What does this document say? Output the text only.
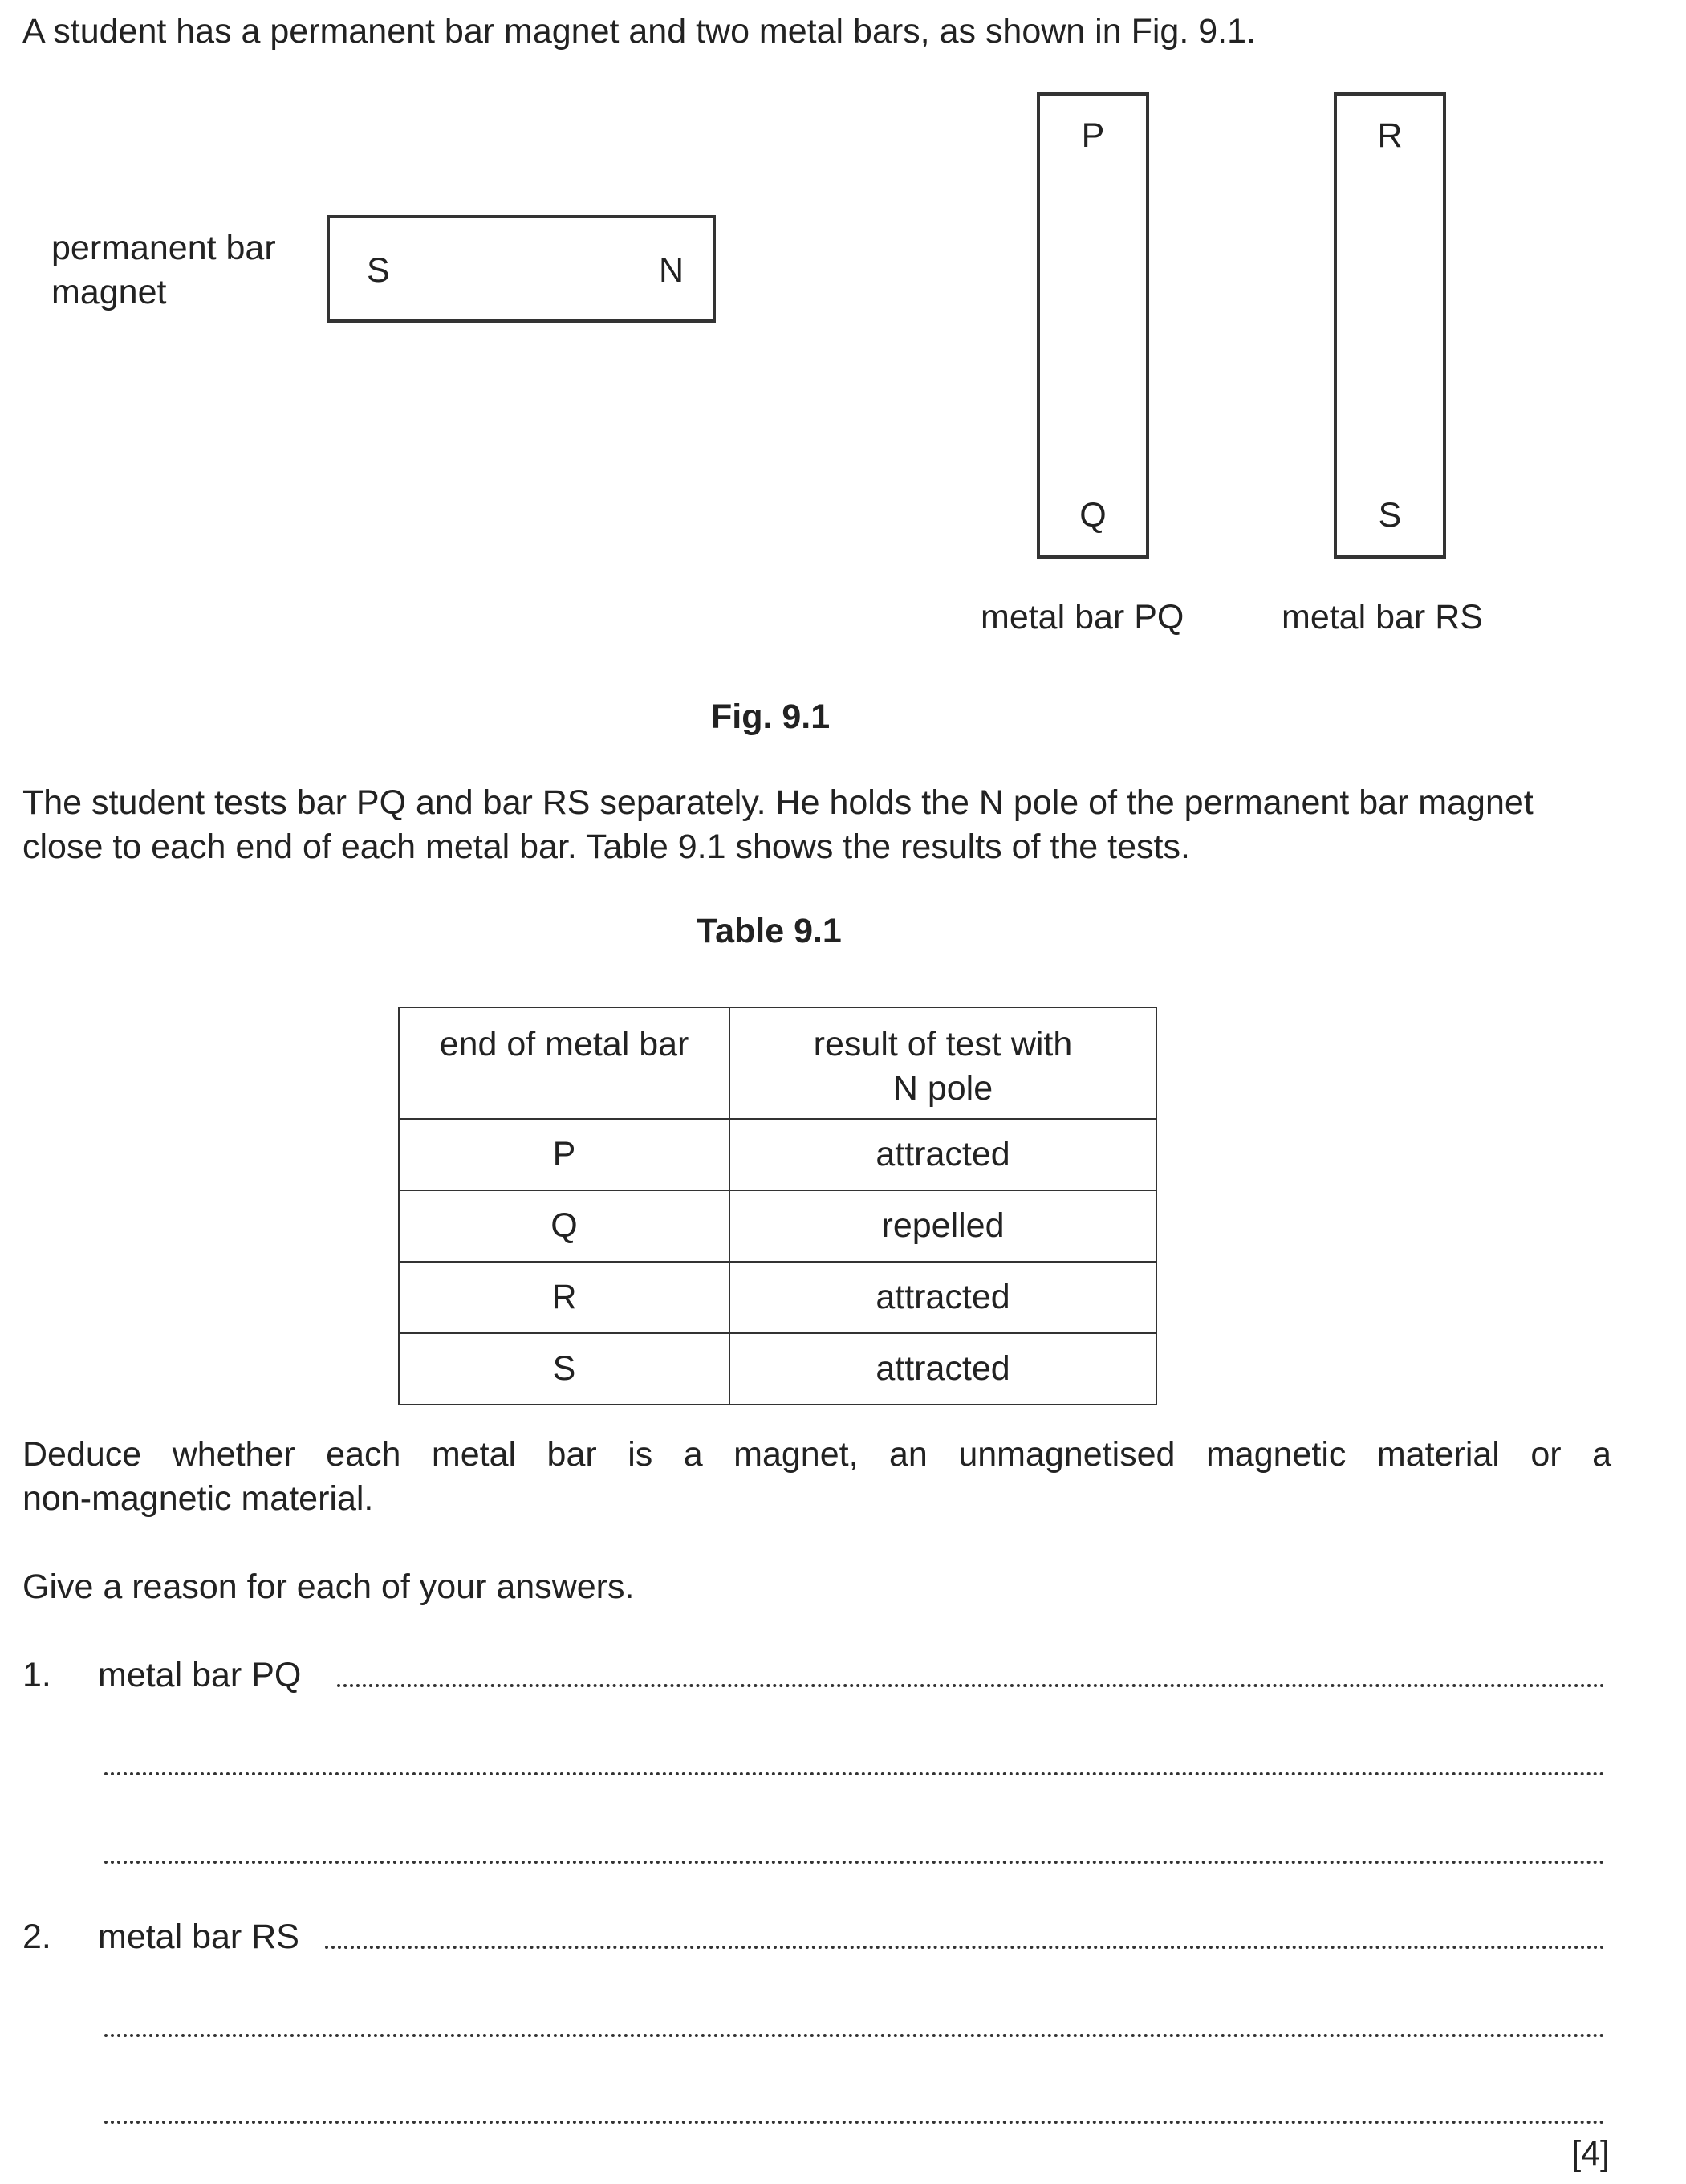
A student has a permanent bar magnet and two metal bars, as shown in Fig. 9.1.
permanent bar
magnet
S	N
P
Q
R
S
metal bar PQ	metal bar RS
Fig. 9.1
The student tests bar PQ and bar RS separately. He holds the N pole of the permanent bar magnet close to each end of each metal bar. Table 9.1 shows the results of the tests.
Table 9.1
end of metal bar	result of test with
N pole

P	attracted
Q	repelled
R	attracted
S	attracted
Deduce whether each metal bar is a magnet, an unmagnetised magnetic material or a
non-magnetic material.
Give a reason for each of your answers.
1. metal bar PQ
2. metal bar RS
[4]
